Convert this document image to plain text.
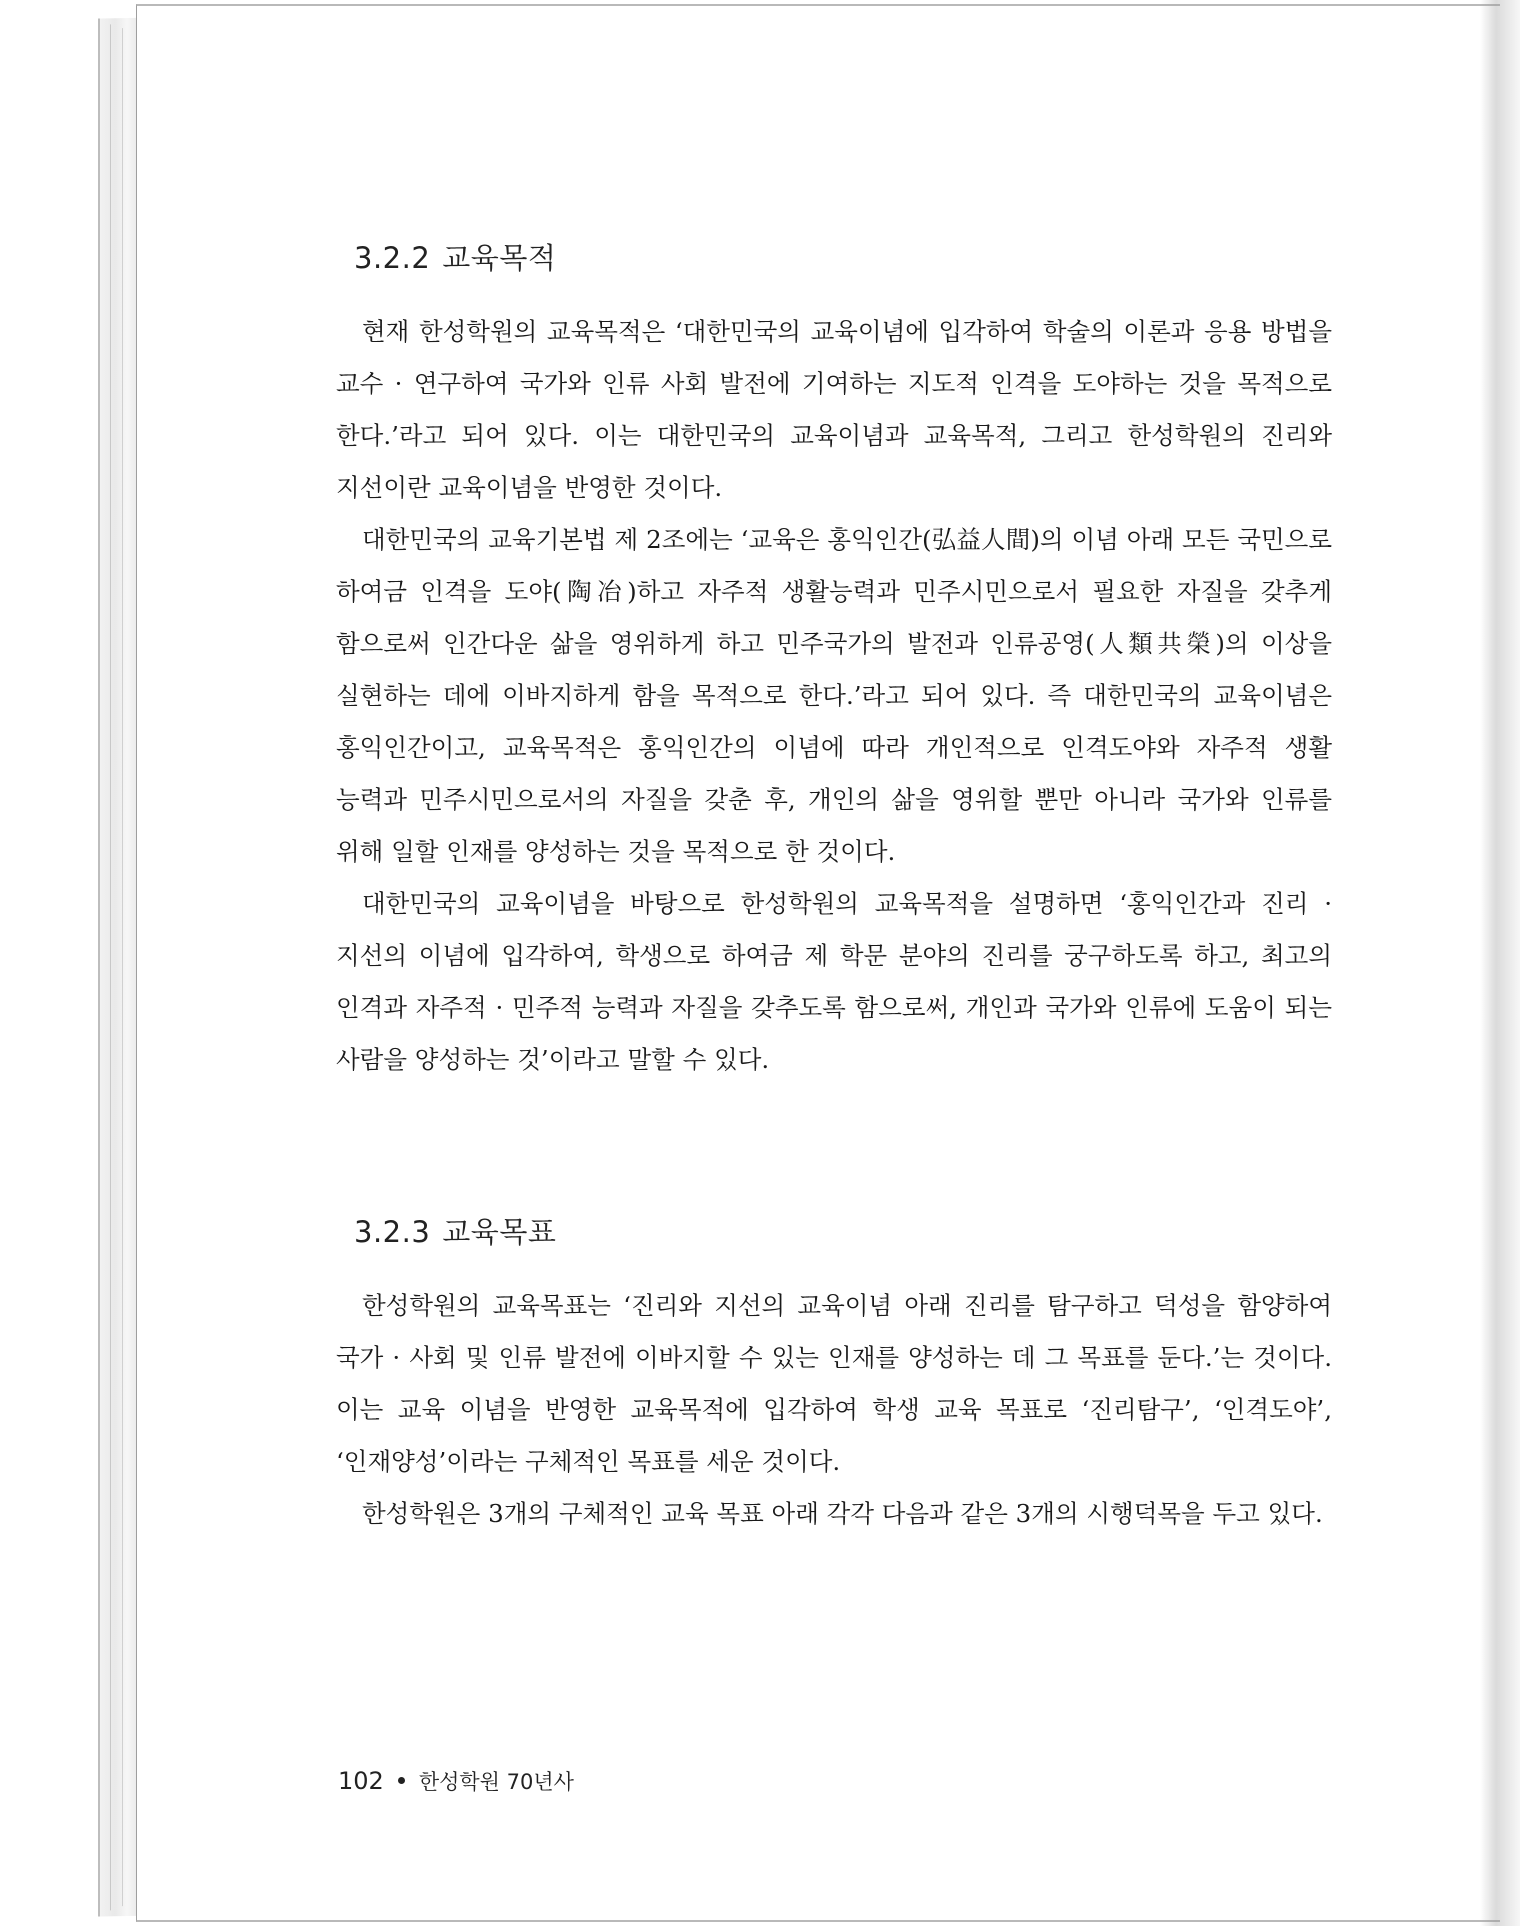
3.2.2 교육목적

현재 한성학원의 교육목적은 ‘대한민국의 교육이념에 입각하여 학술의 이론과 응용 방법을 교수 · 연구하여 국가와 인류 사회 발전에 기여하는 지도적 인격을 도야하는 것을 목적으로 한다.’라고 되어 있다. 이는 대한민국의 교육이념과 교육목적, 그리고 한성학원의 진리와 지선이란 교육이념을 반영한 것이다.

대한민국의 교육기본법 제 2조에는 ‘교육은 홍익인간(弘益人間)의 이념 아래 모든 국민으로 하여금 인격을 도야(陶冶)하고 자주적 생활능력과 민주시민으로서 필요한 자질을 갖추게 함으로써 인간다운 삶을 영위하게 하고 민주국가의 발전과 인류공영(人類共榮)의 이상을 실현하는 데에 이바지하게 함을 목적으로 한다.’라고 되어 있다. 즉 대한민국의 교육이념은 홍익인간이고, 교육목적은 홍익인간의 이념에 따라 개인적으로 인격도야와 자주적 생활 능력과 민주시민으로서의 자질을 갖춘 후, 개인의 삶을 영위할 뿐만 아니라 국가와 인류를 위해 일할 인재를 양성하는 것을 목적으로 한 것이다.

대한민국의 교육이념을 바탕으로 한성학원의 교육목적을 설명하면 ‘홍익인간과 진리 · 지선의 이념에 입각하여, 학생으로 하여금 제 학문 분야의 진리를 궁구하도록 하고, 최고의 인격과 자주적 · 민주적 능력과 자질을 갖추도록 함으로써, 개인과 국가와 인류에 도움이 되는 사람을 양성하는 것’이라고 말할 수 있다.

3.2.3 교육목표

한성학원의 교육목표는 ‘진리와 지선의 교육이념 아래 진리를 탐구하고 덕성을 함양하여 국가 · 사회 및 인류 발전에 이바지할 수 있는 인재를 양성하는 데 그 목표를 둔다.’는 것이다. 이는 교육 이념을 반영한 교육목적에 입각하여 학생 교육 목표로 ‘진리탐구’, ‘인격도야’, ‘인재양성’이라는 구체적인 목표를 세운 것이다.

한성학원은 3개의 구체적인 교육 목표 아래 각각 다음과 같은 3개의 시행덕목을 두고 있다.

102 한성학원 70년사
